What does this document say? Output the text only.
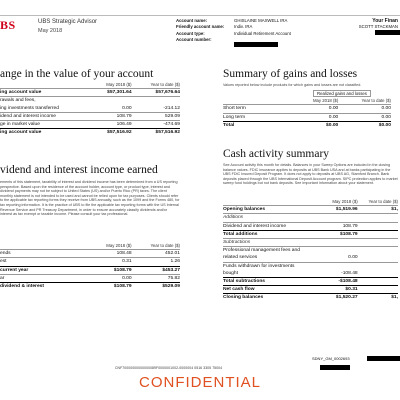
BS	UBS Strategic Advisor
May 2018
Account name:	GHISLAINE MAXWELL IRA
Friendly account name: Indiv. IRA
Account type:	Individual Retirement Account
Account number:
Your Finan
SCOTT STACKMAN
ange in the value of your account
	May 2018 ($)	Year to date ($)
ing account value	$57,301.64	$57,676.64
rawals and fees,		
ing investments transferred	0.00	-214.12
idend and interest income	108.79	529.09
ge in market value	106.49	-474.69
ing account value	$57,516.92	$57,516.92
vidend and interest income earned
ements of this statement, taxability of interest and dividend income has been determined from a US reporting perspective. Based upon the residence of the account holder, account type, or product type, interest and dividend payments may not be subject to United States (US) and/or Puerto Rico (PR) taxes. The client monthly statement is not intended to be used and cannot be relied upon for tax purposes. Clients should refer to the applicable tax reporting forms they receive from UBS annually, such as the 1099 and the Forms 480, for tax reporting information. It is the practice of UBS to file the applicable tax reporting forms with the US Internal Revenue Service and PR Treasury Department, in order to ensure accurately classify dividends and/or interest as tax exempt or taxable income. Please consult your tax professional.
	May 2018 ($)	Year to date ($)
ends	108.48	452.01
est	0.31	1.26
current year	$108.79	$453.27
ar	0.00	75.82
dividend & interest	$108.79	$529.09
Summary of gains and losses
Values reported below include products for which gains and losses are not classified.
	Realized gains and losses	
	May 2018 ($)	Year to date ($)
Short term	0.00	0.00
Long term	0.00	0.00
Total	$0.00	$0.00
Cash activity summary
See Account activity this month for details. Balances in your Sweep Options are included in the closing balance values. FDIC insurance applies to deposits at UBS Bank USA and at banks participating in the UBS FDIC Insured Deposit Program. It does not apply to deposits at UBS AG, Stamford Branch. Bank deposits placed through the UBS International Deposit Account program. SIPC protection applies to market sweep fund holdings but not bank deposits. See Important information about your statement.
	May 2018 ($)	Year to date ($)
Opening balances	$1,519.96	$1,
Additions		
Dividend and interest income	108.79	
Total additions	$108.79	
Subtractions		
Professional management fees and		
related services	0.00	
Funds withdrawn for investments		
bought	-108.48	
Total subtractions	-$108.48	
Net cash flow	$0.31	
Closing balances	$1,520.27	$1,
SDNY_GM_0002693
CNF70000000000000089F0000001002-0000004 0516 3305 75004
CONFIDENTIAL
